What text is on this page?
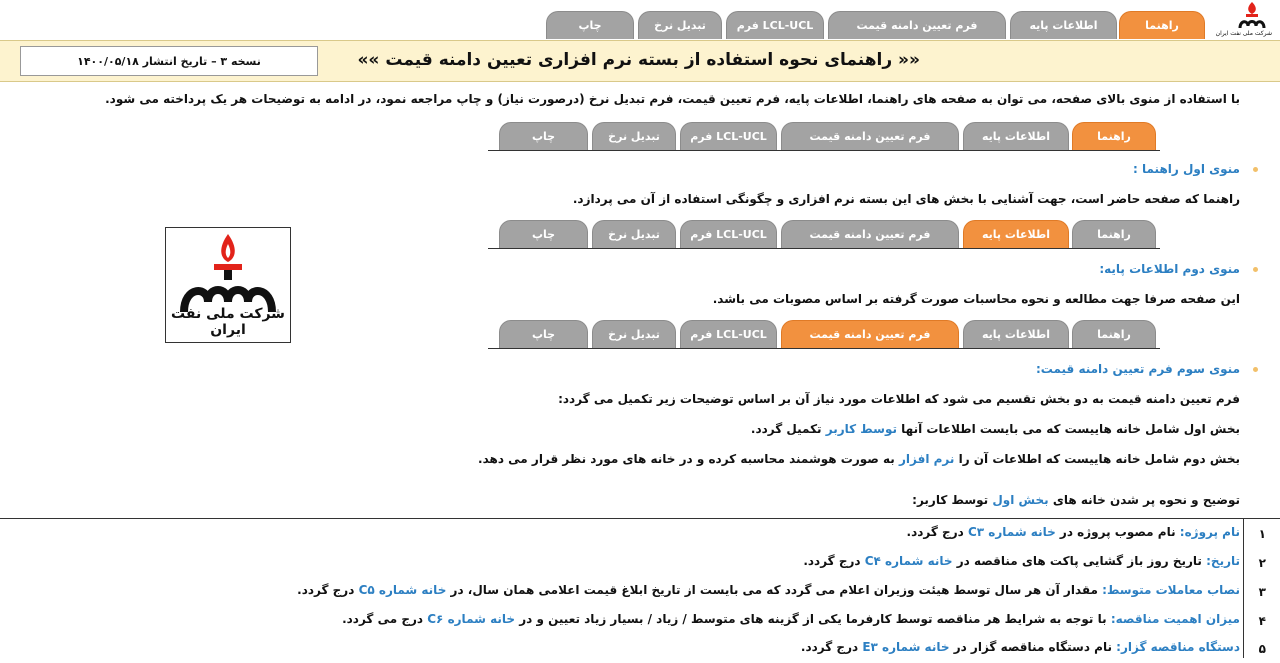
شرکت ملی نفت ایران
راهنما
اطلاعات پایه
فرم تعیین دامنه قیمت
فرم LCL-UCL
تبدیل نرخ
چاپ
«« راهنمای نحوه استفاده از بسته نرم افزاری تعیین دامنه قیمت »»
نسخه ۳ – تاریخ انتشار ۱۴۰۰/۰۵/۱۸
با استفاده از منوی بالای صفحه، می توان به صفحه های راهنما، اطلاعات پایه، فرم تعیین قیمت، فرم تبدیل نرخ (درصورت نیاز) و چاپ مراجعه نمود، در ادامه به توضیحات هر یک پرداخته می شود.
راهنما
اطلاعات پایه
فرم تعیین دامنه قیمت
فرم LCL-UCL
تبدیل نرخ
چاپ
منوی اول راهنما :
راهنما که صفحه حاضر است، جهت آشنایی با بخش های این بسته نرم افزاری و چگونگی استفاده از آن می پردازد.
راهنما
اطلاعات پایه
فرم تعیین دامنه قیمت
فرم LCL-UCL
تبدیل نرخ
چاپ
منوی دوم اطلاعات پایه:
این صفحه صرفا جهت مطالعه و نحوه محاسبات صورت گرفته بر اساس مصوبات می باشد.
راهنما
اطلاعات پایه
فرم تعیین دامنه قیمت
فرم LCL-UCL
تبدیل نرخ
چاپ
شرکت ملی نفت ایران
منوی سوم فرم تعیین دامنه قیمت:
فرم تعیین دامنه قیمت به دو بخش تقسیم می شود که اطلاعات مورد نیاز آن بر اساس توضیحات زیر تکمیل می گردد:
بخش اول شامل خانه هاییست که می بایست اطلاعات آنها توسط کاربر تکمیل گردد.
بخش دوم شامل خانه هاییست که اطلاعات آن را نرم افزار به صورت هوشمند محاسبه کرده و در خانه های مورد نظر قرار می دهد.
توضیح و نحوه پر شدن خانه های بخش اول توسط کاربر:
۱
نام پروژه: نام مصوب پروژه در خانه شماره C۳ درج گردد.
۲
تاریخ: تاریخ روز باز گشایی پاکت های مناقصه در خانه شماره C۴ درج گردد.
۳
نصاب معاملات متوسط: مقدار آن هر سال توسط هیئت وزیران اعلام می گردد که می بایست از تاریخ ابلاغ قیمت اعلامی همان سال، در خانه شماره C۵ درج گردد.
۴
میزان اهمیت مناقصه: با توجه به شرایط هر مناقصه توسط کارفرما یکی از گزینه های متوسط / زیاد / بسیار زیاد تعیین و در خانه شماره C۶ درج می گردد.
۵
دستگاه مناقصه گزار: نام دستگاه مناقصه گزار در خانه شماره E۳ درج گردد.
